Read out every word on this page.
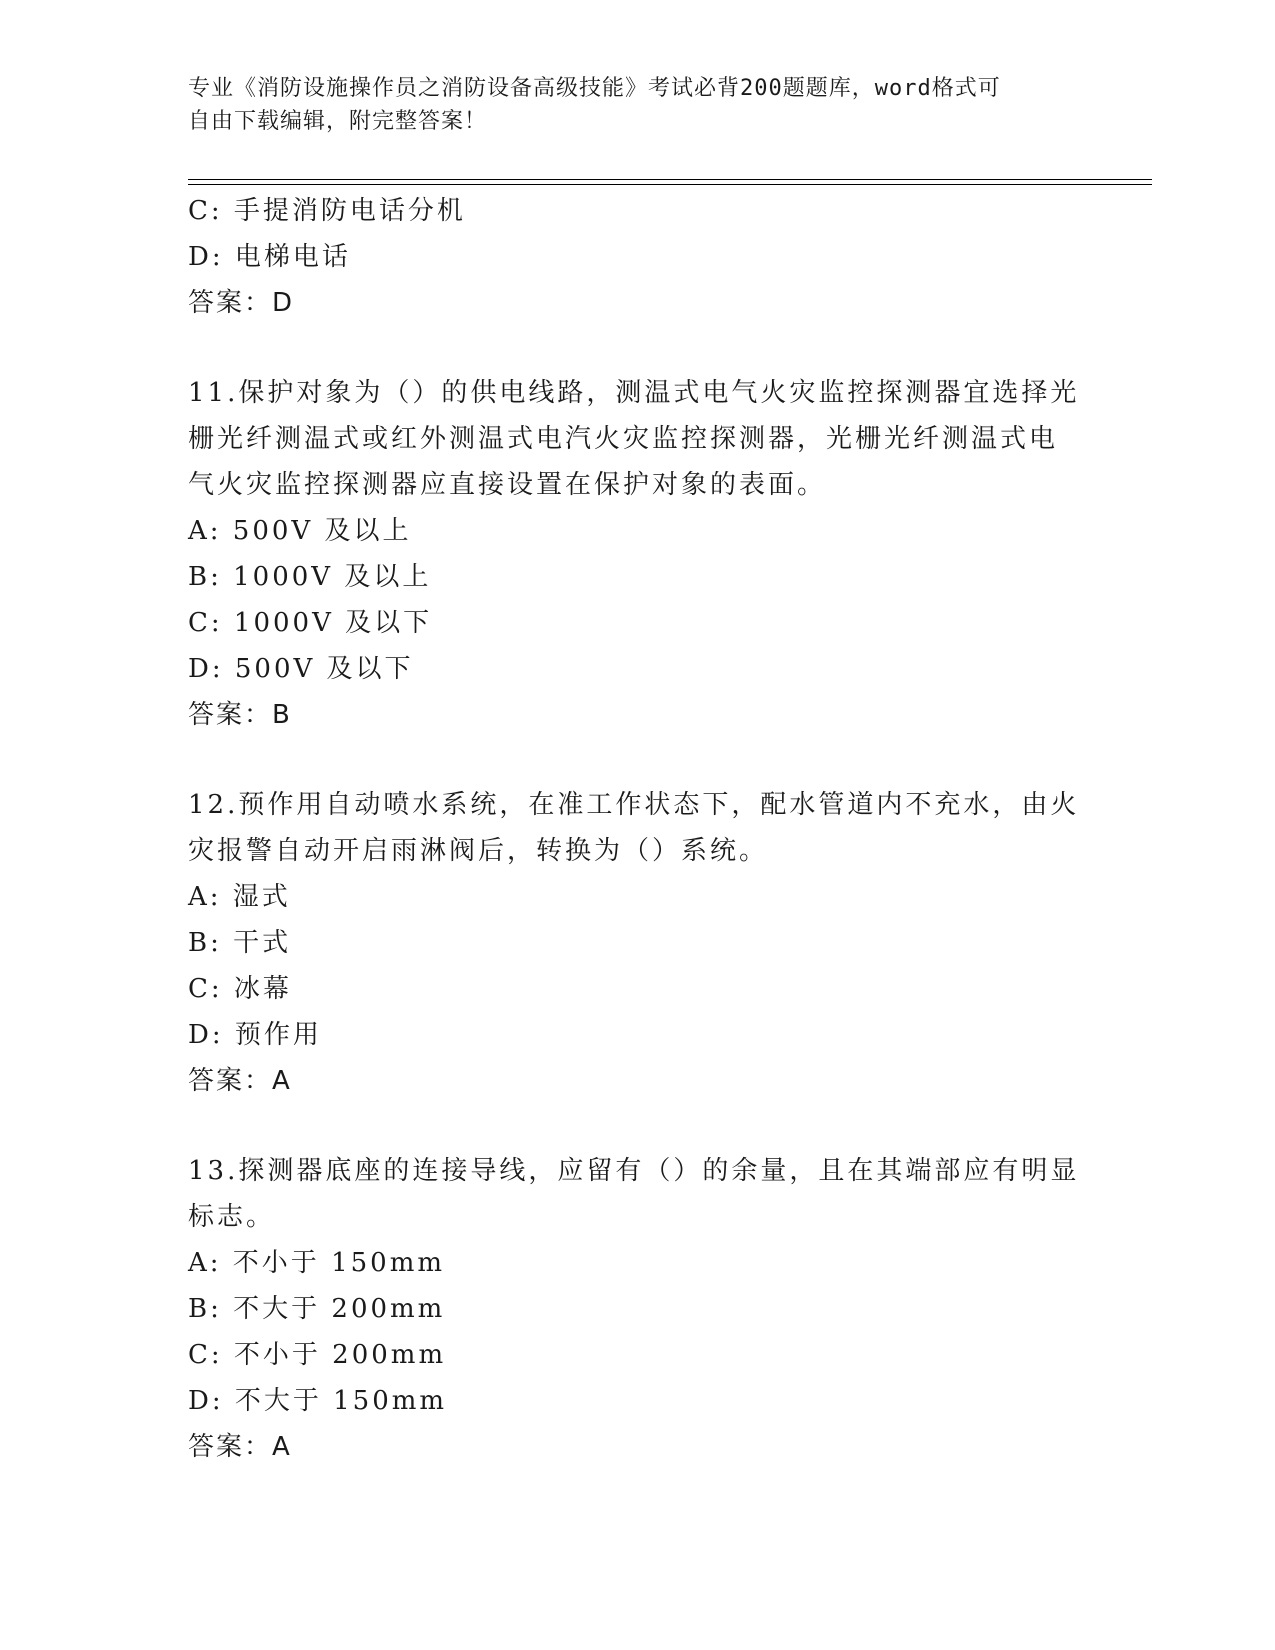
专业《消防设施操作员之消防设备高级技能》考试必背200题题库，word格式可
自由下载编辑，附完整答案！
C: 手提消防电话分机
D: 电梯电话
答案：D
11.保护对象为（）的供电线路，测温式电气火灾监控探测器宜选择光
栅光纤测温式或红外测温式电汽火灾监控探测器，光栅光纤测温式电
气火灾监控探测器应直接设置在保护对象的表面。
A: 500V 及以上
B: 1000V 及以上
C: 1000V 及以下
D: 500V 及以下
答案：B
12.预作用自动喷水系统，在准工作状态下，配水管道内不充水，由火
灾报警自动开启雨淋阀后，转换为（）系统。
A: 湿式
B: 干式
C: 冰幕
D: 预作用
答案：A
13.探测器底座的连接导线，应留有（）的余量，且在其端部应有明显
标志。
A: 不小于 150mm
B: 不大于 200mm
C: 不小于 200mm
D: 不大于 150mm
答案：A
